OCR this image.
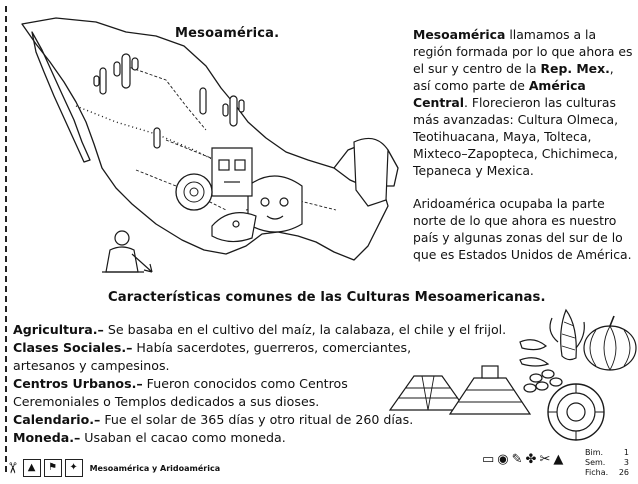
Mesoamérica.	Mesoamérica llamamos a la región formada por lo que ahora es el sur y centro de la Rep. Mex., así como parte de América Central. Florecieron las culturas más avanzadas: Cultura Olmeca, Teotihuacana, Maya, Tolteca, Mixteco–Zapopteca, Chichimeca, Tepaneca y Mexica.

Aridoamérica ocupaba la parte norte de lo que ahora es nuestro país y algunas zonas del sur de lo que es Estados Unidos de América.

Características comunes de las Culturas Mesoamericanas.
Agricultura.– Se basaba en el cultivo del maíz, la calabaza, el chile y el frijol.
Clases Sociales.– Había sacerdotes, guerreros, comerciantes,
artesanos y campesinos.
Centros Urbanos.– Fueron conocidos como Centros
Ceremoniales o Templos dedicados a sus dioses.
Calendario.– Fue el solar de 365 días y otro ritual de 260 días.
Moneda.– Usaban el cacao como moneda.
✂ ▲	⚑	✦	Mesoamérica y Aridoamérica
▭ ◉ ✎ ✤ ✂ ▲	Bim.	1
Sem. 3
Ficha. 26
